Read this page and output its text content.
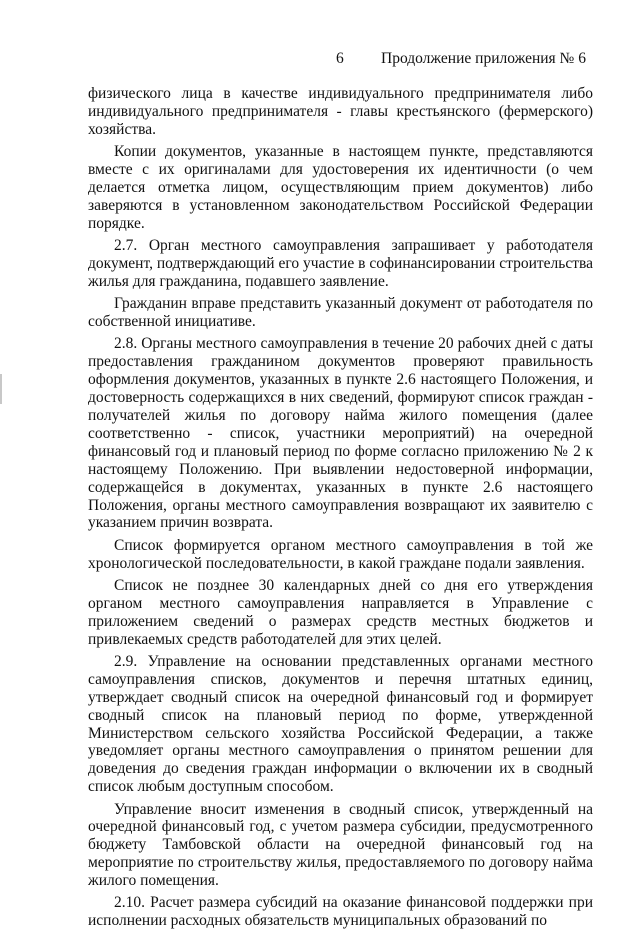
6 Продолжение приложения № 6

физического лица в качестве индивидуального предпринимателя либо индивидуального предпринимателя - главы крестьянского (фермерского) хозяйства.

Копии документов, указанные в настоящем пункте, представляются вместе с их оригиналами для удостоверения их идентичности (о чем делается отметка лицом, осуществляющим прием документов) либо заверяются в установленном законодательством Российской Федерации порядке.

2.7. Орган местного самоуправления запрашивает у работодателя документ, подтверждающий его участие в софинансировании строительства жилья для гражданина, подавшего заявление.

Гражданин вправе представить указанный документ от работодателя по собственной инициативе.

2.8. Органы местного самоуправления в течение 20 рабочих дней с даты предоставления гражданином документов проверяют правильность оформления документов, указанных в пункте 2.6 настоящего Положения, и достоверность содержащихся в них сведений, формируют список граждан - получателей жилья по договору найма жилого помещения (далее соответственно - список, участники мероприятий) на очередной финансовый год и плановый период по форме согласно приложению № 2 к настоящему Положению. При выявлении недостоверной информации, содержащейся в документах, указанных в пункте 2.6 настоящего Положения, органы местного самоуправления возвращают их заявителю с указанием причин возврата.

Список формируется органом местного самоуправления в той же хронологической последовательности, в какой граждане подали заявления.

Список не позднее 30 календарных дней со дня его утверждения органом местного самоуправления направляется в Управление с приложением сведений о размерах средств местных бюджетов и привлекаемых средств работодателей для этих целей.

2.9. Управление на основании представленных органами местного самоуправления списков, документов и перечня штатных единиц, утверждает сводный список на очередной финансовый год и формирует сводный список на плановый период по форме, утвержденной Министерством сельского хозяйства Российской Федерации, а также уведомляет органы местного самоуправления о принятом решении для доведения до сведения граждан информации о включении их в сводный список любым доступным способом.

Управление вносит изменения в сводный список, утвержденный на очередной финансовый год, с учетом размера субсидии, предусмотренного бюджету Тамбовской области на очередной финансовый год на мероприятие по строительству жилья, предоставляемого по договору найма жилого помещения.

2.10. Расчет размера субсидий на оказание финансовой поддержки при исполнении расходных обязательств муниципальных образований по
